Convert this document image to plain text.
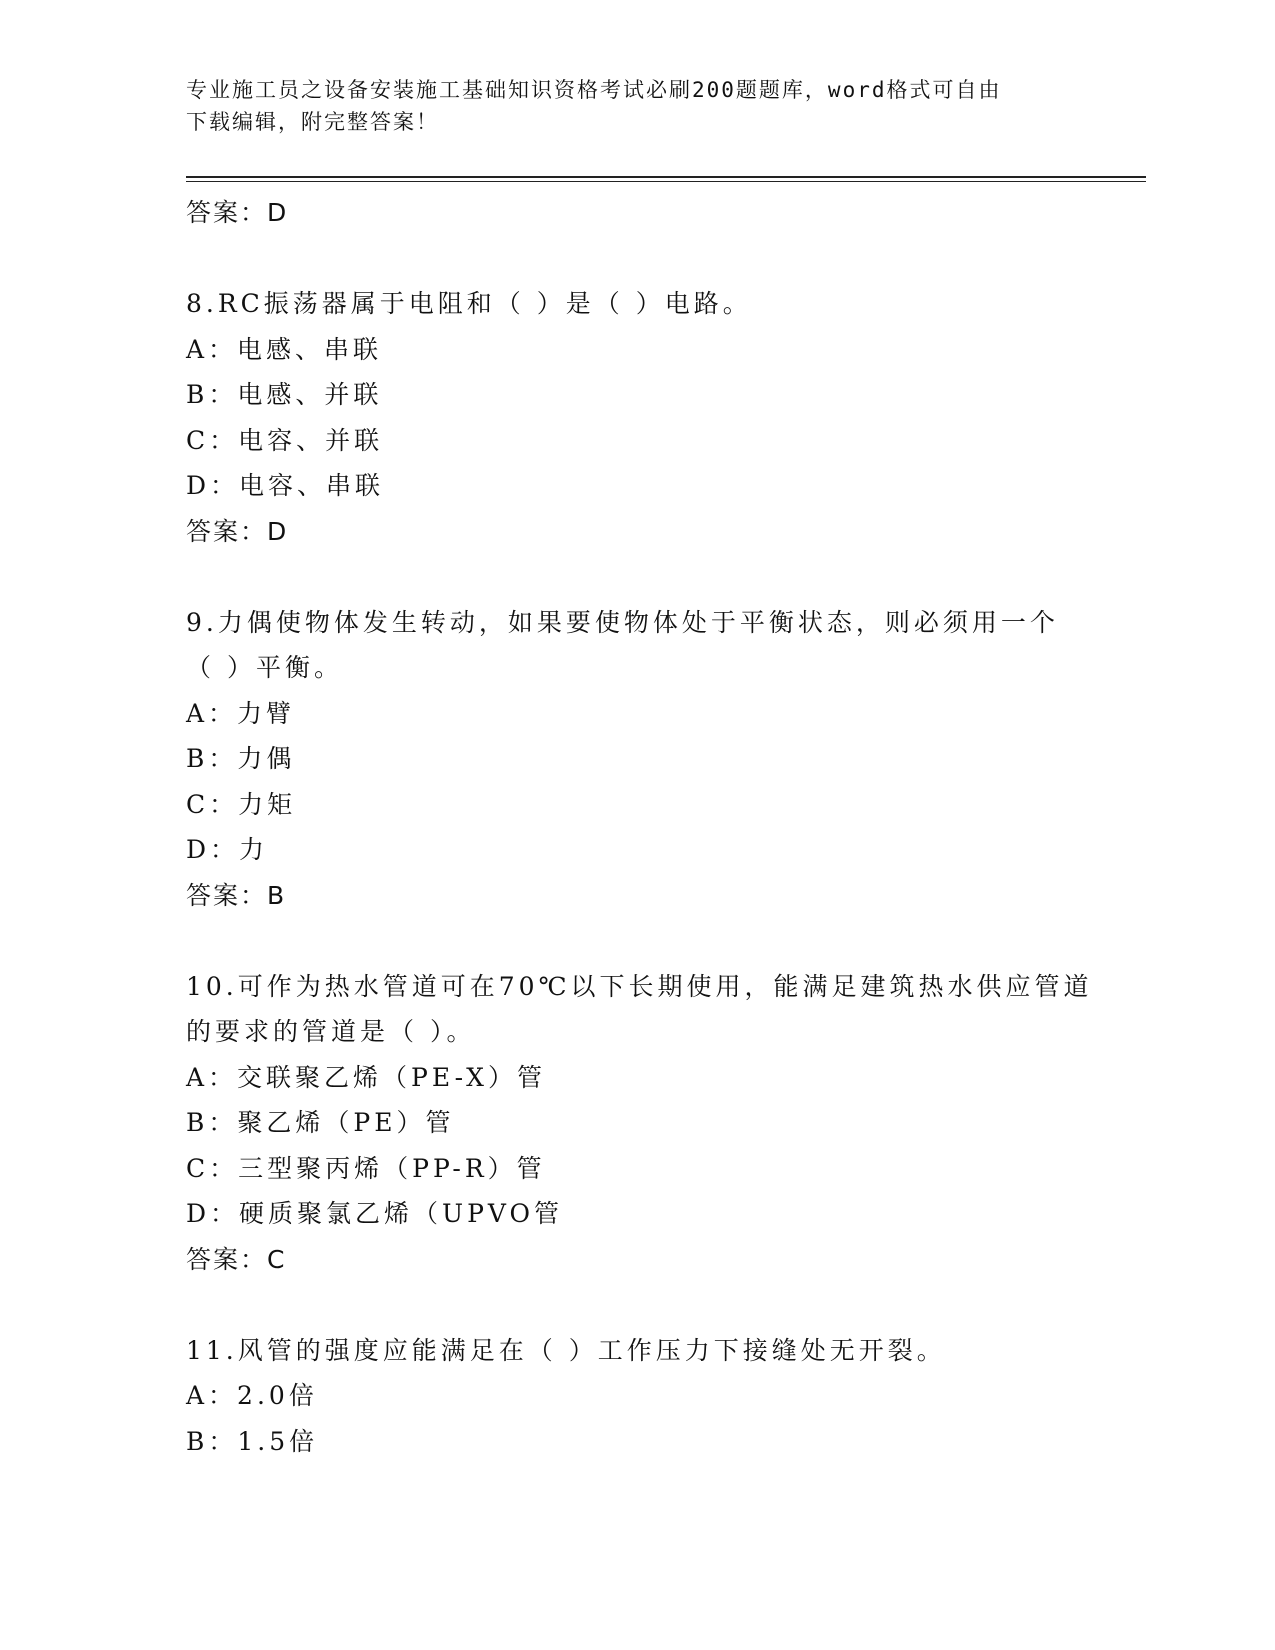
专业施工员之设备安装施工基础知识资格考试必刷200题题库，word格式可自由
下载编辑，附完整答案！
答案：D
8.RC振荡器属于电阻和（ ）是（ ）电路。
A：电感、串联
B：电感、并联
C：电容、并联
D：电容、串联
答案：D
9.力偶使物体发生转动，如果要使物体处于平衡状态，则必须用一个
（ ）平衡。
A：力臂
B：力偶
C：力矩
D：力
答案：B
10.可作为热水管道可在70℃以下长期使用，能满足建筑热水供应管道
的要求的管道是（ ）。
A：交联聚乙烯（PE-X）管
B：聚乙烯（PE）管
C：三型聚丙烯（PP-R）管
D：硬质聚氯乙烯（UPVO管
答案：C
11.风管的强度应能满足在（ ）工作压力下接缝处无开裂。
A：2.0倍
B：1.5倍
